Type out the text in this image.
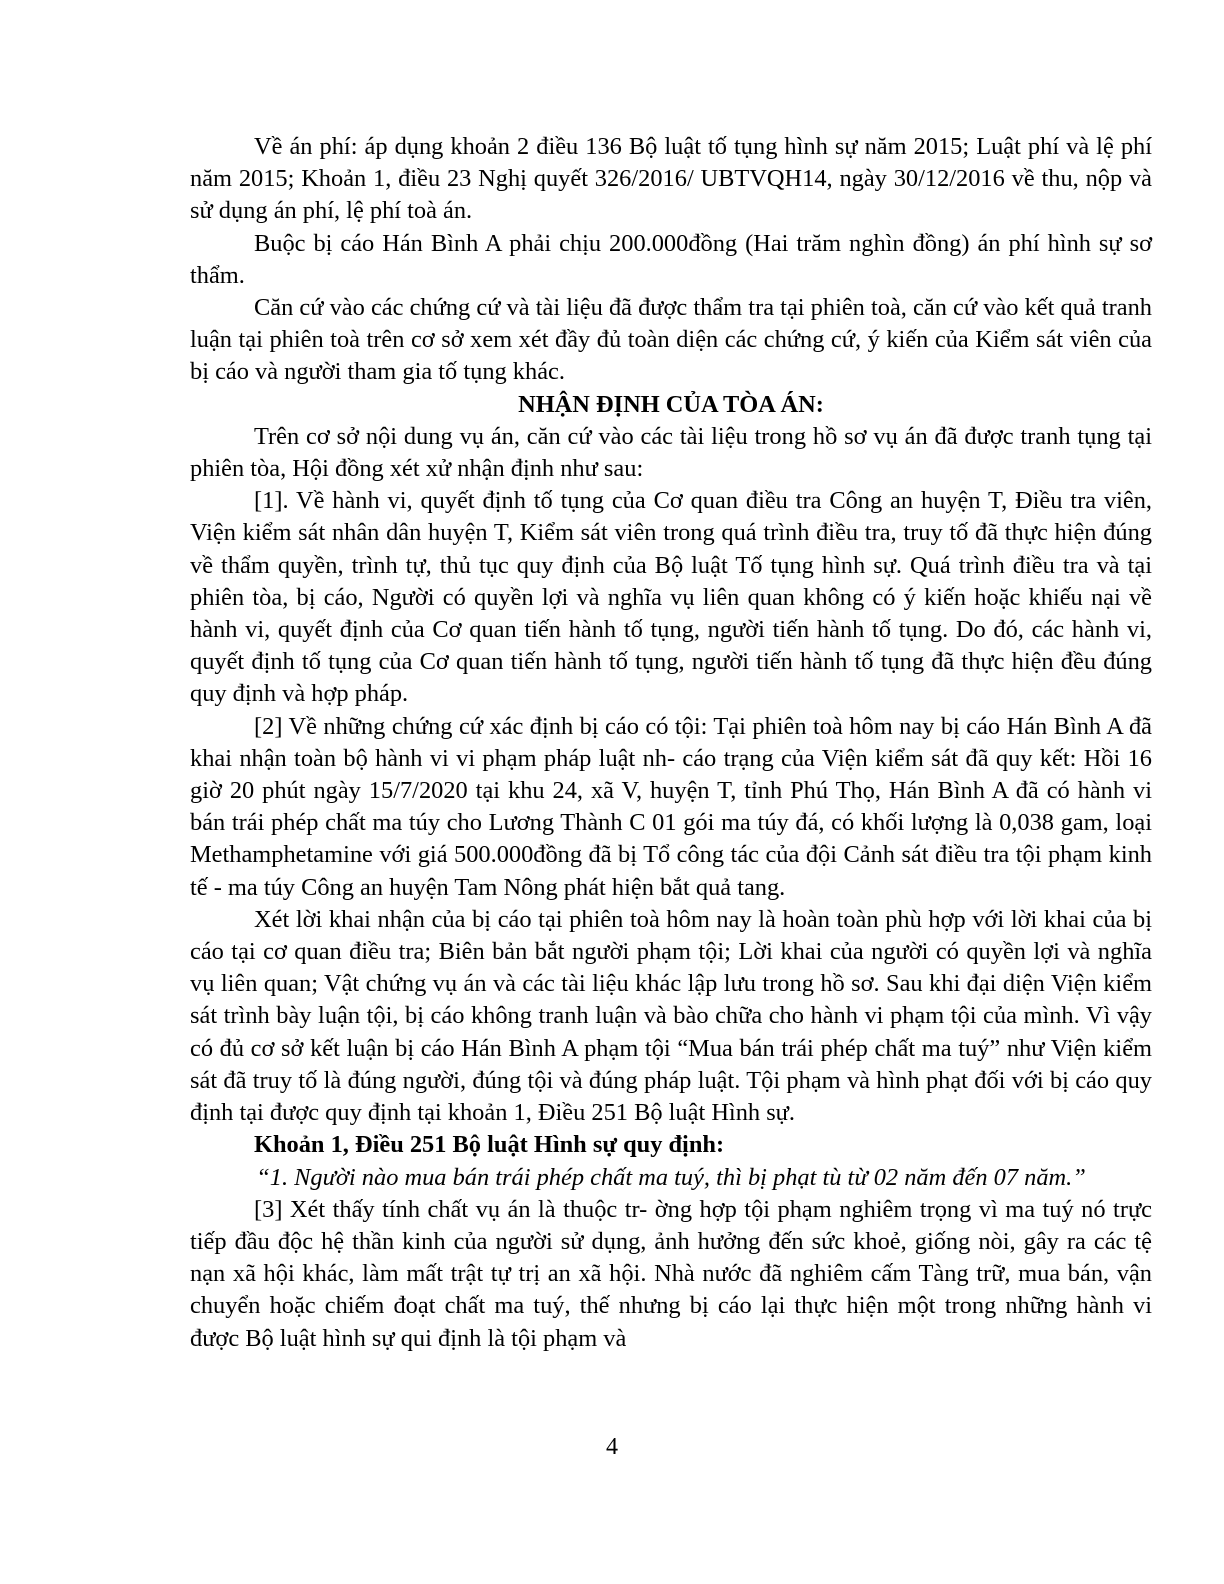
Về án phí: áp dụng khoản 2 điều 136 Bộ luật tố tụng hình sự năm 2015; Luật phí và lệ phí năm 2015; Khoản 1, điều 23 Nghị quyết 326/2016/ UBTVQH14, ngày 30/12/2016 về thu, nộp và sử dụng án phí, lệ phí toà án.

Buộc bị cáo Hán Bình A phải chịu 200.000đồng (Hai trăm nghìn đồng) án phí hình sự sơ thẩm.

Căn cứ vào các chứng cứ và tài liệu đã được thẩm tra tại phiên toà, căn cứ vào kết quả tranh luận tại phiên toà trên cơ sở xem xét đầy đủ toàn diện các chứng cứ, ý kiến của Kiểm sát viên của bị cáo và người tham gia tố tụng khác.

NHẬN ĐỊNH CỦA TÒA ÁN:

Trên cơ sở nội dung vụ án, căn cứ vào các tài liệu trong hồ sơ vụ án đã được tranh tụng tại phiên tòa, Hội đồng xét xử nhận định như sau:

[1]. Về hành vi, quyết định tố tụng của Cơ quan điều tra Công an huyện T, Điều tra viên, Viện kiểm sát nhân dân huyện T, Kiểm sát viên trong quá trình điều tra, truy tố đã thực hiện đúng về thẩm quyền, trình tự, thủ tục quy định của Bộ luật Tố tụng hình sự. Quá trình điều tra và tại phiên tòa, bị cáo, Người có quyền lợi và nghĩa vụ liên quan không có ý kiến hoặc khiếu nại về hành vi, quyết định của Cơ quan tiến hành tố tụng, người tiến hành tố tụng. Do đó, các hành vi, quyết định tố tụng của Cơ quan tiến hành tố tụng, người tiến hành tố tụng đã thực hiện đều đúng quy định và hợp pháp.

[2] Về những chứng cứ xác định bị cáo có tội: Tại phiên toà hôm nay bị cáo Hán Bình A đã khai nhận toàn bộ hành vi vi phạm pháp luật nh- cáo trạng của Viện kiểm sát đã quy kết: Hồi 16 giờ 20 phút ngày 15/7/2020 tại khu 24, xã V, huyện T, tỉnh Phú Thọ, Hán Bình A đã có hành vi bán trái phép chất ma túy cho Lương Thành C 01 gói ma túy đá, có khối lượng là 0,038 gam, loại Methamphetamine với giá 500.000đồng đã bị Tổ công tác của đội Cảnh sát điều tra tội phạm kinh tế - ma túy Công an huyện Tam Nông phát hiện bắt quả tang.

Xét lời khai nhận của bị cáo tại phiên toà hôm nay là hoàn toàn phù hợp với lời khai của bị cáo tại cơ quan điều tra; Biên bản bắt người phạm tội; Lời khai của người có quyền lợi và nghĩa vụ liên quan; Vật chứng vụ án và các tài liệu khác lập lưu trong hồ sơ. Sau khi đại diện Viện kiểm sát trình bày luận tội, bị cáo không tranh luận và bào chữa cho hành vi phạm tội của mình. Vì vậy có đủ cơ sở kết luận bị cáo Hán Bình A phạm tội “Mua bán trái phép chất ma tuý” như Viện kiểm sát đã truy tố là đúng người, đúng tội và đúng pháp luật. Tội phạm và hình phạt đối với bị cáo quy định tại được quy định tại khoản 1, Điều 251 Bộ luật Hình sự.

Khoản 1, Điều 251 Bộ luật Hình sự quy định:

“1. Người nào mua bán trái phép chất ma tuý, thì bị phạt tù từ 02 năm đến 07 năm.”

[3] Xét thấy tính chất vụ án là thuộc tr- ờng hợp tội phạm nghiêm trọng vì ma tuý nó trực tiếp đầu độc hệ thần kinh của người sử dụng, ảnh hưởng đến sức khoẻ, giống nòi, gây ra các tệ nạn xã hội khác, làm mất trật tự trị an xã hội. Nhà nước đã nghiêm cấm Tàng trữ, mua bán, vận chuyển hoặc chiếm đoạt chất ma tuý, thế nhưng bị cáo lại thực hiện một trong những hành vi được Bộ luật hình sự qui định là tội phạm và

4
